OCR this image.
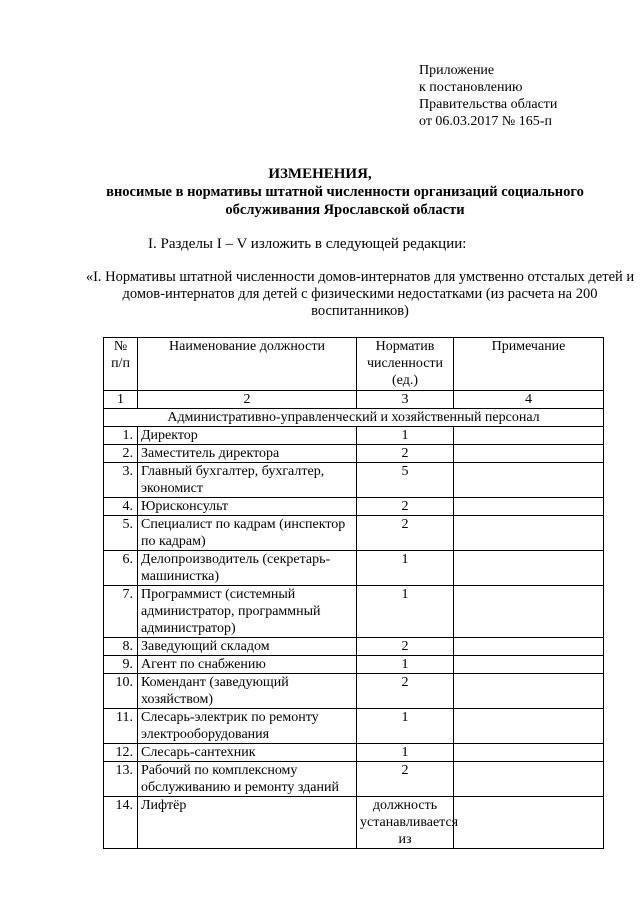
Приложение
к постановлению
Правительства области
от 06.03.2017 № 165-п
ИЗМЕНЕНИЯ,
вносимые в нормативы штатной численности организаций социального обслуживания Ярославской области
I. Разделы I – V изложить в следующей редакции:
«I. Нормативы штатной численности домов-интернатов для умственно отсталых детей и домов-интернатов для детей с физическими недостатками (из расчета на 200 воспитанников)
№ п/п	Наименование должности	Норматив численности (ед.)	Примечание
1	2	3	4
Административно-управленческий и хозяйственный персонал			
1.	Директор	1	
2.	Заместитель директора	2	
3.	Главный бухгалтер, бухгалтер, экономист	5	
4.	Юрисконсульт	2	
5.	Специалист по кадрам (инспектор по кадрам)	2	
6.	Делопроизводитель (секретарь-машинистка)	1	
7.	Программист (системный администратор, программный администратор)	1	
8.	Заведующий складом	2	
9.	Агент по снабжению	1	
10.	Комендант (заведующий хозяйством)	2	
11.	Слесарь-электрик по ремонту электрооборудования	1	
12.	Слесарь-сантехник	1	
13.	Рабочий по комплексному обслуживанию и ремонту зданий	2	
14.	Лифтёр	должность устанавливается из	
